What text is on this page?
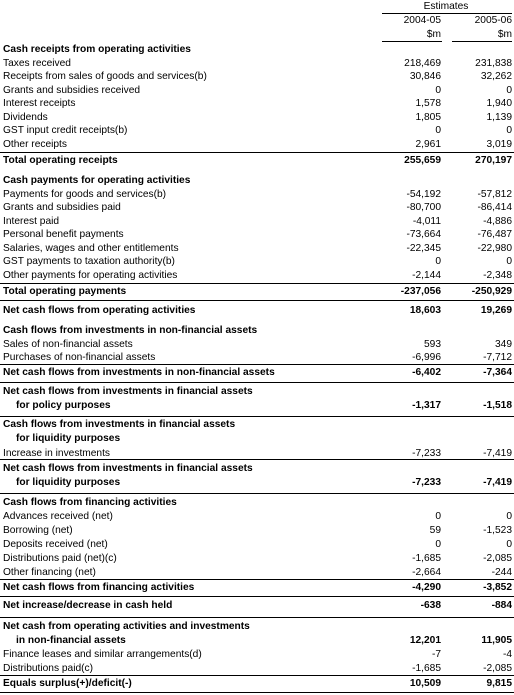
Estimates
2004-05	2005-06
$m	$m
Cash receipts from operating activities
Taxes received	218,469	231,838
Receipts from sales of goods and services(b)	30,846	32,262
Grants and subsidies received	0	0
Interest receipts	1,578	1,940
Dividends	1,805	1,139
GST input credit receipts(b)	0	0
Other receipts	2,961	3,019
Total operating receipts	255,659	270,197
Cash payments for operating activities
Payments for goods and services(b)	-54,192	-57,812
Grants and subsidies paid	-80,700	-86,414
Interest paid	-4,011	-4,886
Personal benefit payments	-73,664	-76,487
Salaries, wages and other entitlements	-22,345	-22,980
GST payments to taxation authority(b)	0	0
Other payments for operating activities	-2,144	-2,348
Total operating payments	-237,056	-250,929
Net cash flows from operating activities	18,603	19,269
Cash flows from investments in non-financial assets
Sales of non-financial assets	593	349
Purchases of non-financial assets	-6,996	-7,712
Net cash flows from investments in non-financial assets	-6,402	-7,364
Net cash flows from investments in financial assets
for policy purposes	-1,317	-1,518
Cash flows from investments in financial assets
for liquidity purposes
Increase in investments	-7,233	-7,419
Net cash flows from investments in financial assets
for liquidity purposes	-7,233	-7,419
Cash flows from financing activities
Advances received (net)	0	0
Borrowing (net)	59	-1,523
Deposits received (net)	0	0
Distributions paid (net)(c)	-1,685	-2,085
Other financing (net)	-2,664	-244
Net cash flows from financing activities	-4,290	-3,852
Net increase/decrease in cash held	-638	-884
Net cash from operating activities and investments
in non-financial assets	12,201	11,905
Finance leases and similar arrangements(d)	-7	-4
Distributions paid(c)	-1,685	-2,085
Equals surplus(+)/deficit(-)	10,509	9,815
